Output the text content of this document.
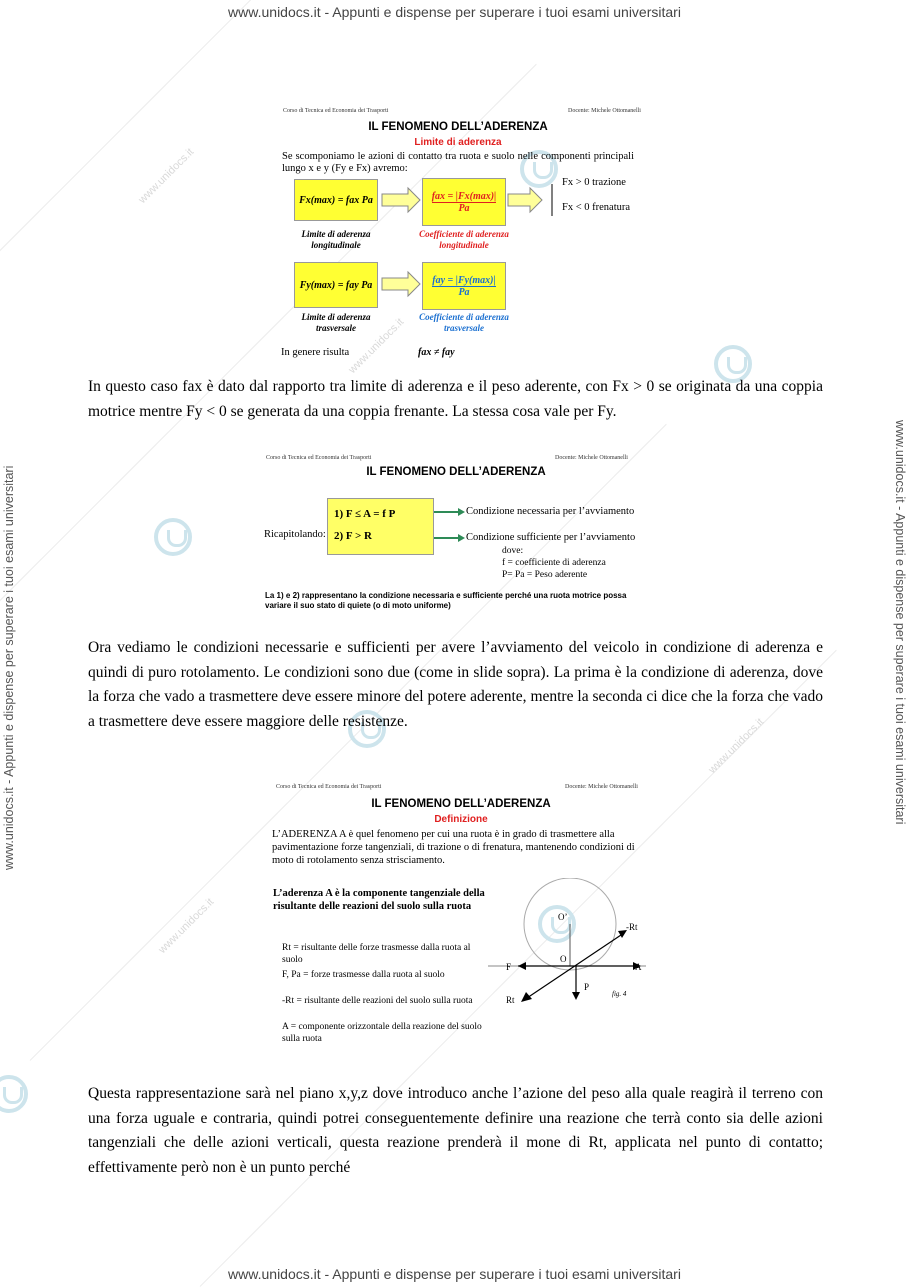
www.unidocs.it
www.unidocs.it
www.unidocs.it
www.unidocs.it
www.unidocs.it - Appunti e dispense per superare i tuoi esami universitari
www.unidocs.it - Appunti e dispense per superare i tuoi esami universitari
www.unidocs.it - Appunti e dispense per superare i tuoi esami universitari	www.unidocs.it - Appunti e dispense per superare i tuoi esami universitari
Corso di Tecnica ed Economia dei Trasporti	Docente: Michele Ottomanelli
IL FENOMENO DELL’ADERENZA
Limite di aderenza
Se scomponiamo le azioni di contatto tra ruota e suolo nelle componenti principali lungo x e y (Fy e Fx) avremo:
Fx(max) = fax Pa	fax = |Fx(max)|
Pa
Fx > 0 trazione
Fx < 0 frenatura
Limite di aderenza longitudinale
Coefficiente di aderenza longitudinale
Fy(max) = fay Pa	fay = |Fy(max)|
Pa
Limite di aderenza trasversale
Coefficiente di aderenza trasversale
In genere risulta	fax ≠ fay

In questo caso fax è dato dal rapporto tra limite di aderenza e il peso aderente, con Fx > 0 se originata da una coppia motrice mentre Fy < 0 se generata da una coppia frenante. La stessa cosa vale per Fy.

Corso di Tecnica ed Economia dei Trasporti	Docente: Michele Ottomanelli
IL FENOMENO DELL’ADERENZA
Ricapitolando:
1) F ≤ A = f P
2) F > R
Condizione necessaria per l’avviamento
Condizione sufficiente per l’avviamento
dove:
f = coefficiente di aderenza
P= Pa = Peso aderente
La 1) e 2) rappresentano la condizione necessaria e sufficiente perché una ruota motrice possa variare il suo stato di quiete (o di moto uniforme)

Ora vediamo le condizioni necessarie e sufficienti per avere l’avviamento del veicolo in condizione di aderenza e quindi di puro rotolamento. Le condizioni sono due (come in slide sopra). La prima è la condizione di aderenza, dove la forza che vado a trasmettere deve essere minore del potere aderente, mentre la seconda ci dice che la forza che vado a trasmettere deve essere maggiore delle resistenze.

Corso di Tecnica ed Economia dei Trasporti	Docente: Michele Ottomanelli
IL FENOMENO DELL’ADERENZA
Definizione
L’ADERENZA A è quel fenomeno per cui una ruota è in grado di trasmettere alla pavimentazione forze tangenziali, di trazione o di frenatura, mantenendo condizioni di moto di rotolamento senza strisciamento.
L’aderenza A è la componente tangenziale della risultante delle reazioni del suolo sulla ruota
Rt = risultante delle forze trasmesse dalla ruota al suolo
F, Pa = forze trasmesse dalla ruota al suolo
-Rt = risultante delle reazioni del suolo sulla ruota
A = componente orizzontale della reazione del suolo sulla ruota
O’
O
F	A
P
Rt
-Rt
fig. 4

Questa rappresentazione sarà nel piano x,y,z dove introduco anche l’azione del peso alla quale reagirà il terreno con una forza uguale e contraria, quindi potrei conseguentemente definire una reazione che terrà conto sia delle azioni tangenziali che delle azioni verticali, questa reazione prenderà il mone di Rt, applicata nel punto di contatto; effettivamente però non è un punto perché
